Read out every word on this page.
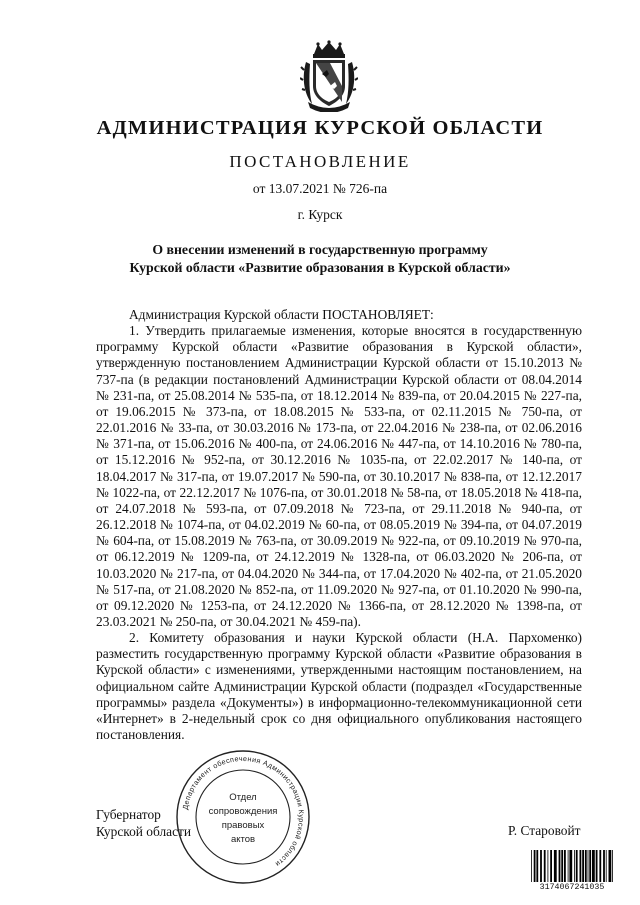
АДМИНИСТРАЦИЯ КУРСКОЙ ОБЛАСТИ
ПОСТАНОВЛЕНИЕ
от 13.07.2021 № 726-па
г. Курск
О внесении изменений в государственную программу
Курской области «Развитие образования в Курской области»
Администрация Курской области ПОСТАНОВЛЯЕТ:
1. Утвердить прилагаемые изменения, которые вносятся в государственную программу Курской области «Развитие образования в Курской области», утвержденную постановлением Администрации Курской области от 15.10.2013 № 737-па (в редакции постановлений Администрации Курской области от 08.04.2014 № 231-па, от 25.08.2014 № 535-па, от 18.12.2014 № 839-па, от 20.04.2015 № 227-па, от 19.06.2015 № 373-па, от 18.08.2015 № 533-па, от 02.11.2015 № 750-па, от 22.01.2016 № 33-па, от 30.03.2016 № 173-па, от 22.04.2016 № 238-па, от 02.06.2016 № 371-па, от 15.06.2016 № 400-па, от 24.06.2016 № 447-па, от 14.10.2016 № 780-па, от 15.12.2016 № 952-па, от 30.12.2016 № 1035-па, от 22.02.2017 № 140-па, от 18.04.2017 № 317-па, от 19.07.2017 № 590-па, от 30.10.2017 № 838-па, от 12.12.2017 № 1022-па, от 22.12.2017 № 1076-па, от 30.01.2018 № 58-па, от 18.05.2018 № 418-па, от 24.07.2018 № 593-па, от 07.09.2018 № 723-па, от 29.11.2018 № 940-па, от 26.12.2018 № 1074-па, от 04.02.2019 № 60-па, от 08.05.2019 № 394-па, от 04.07.2019 № 604-па, от 15.08.2019 № 763-па, от 30.09.2019 № 922-па, от 09.10.2019 № 970-па, от 06.12.2019 № 1209-па, от 24.12.2019 № 1328-па, от 06.03.2020 № 206-па, от 10.03.2020 № 217-па, от 04.04.2020 № 344-па, от 17.04.2020 № 402-па, от 21.05.2020 № 517-па, от 21.08.2020 № 852-па, от 11.09.2020 № 927-па, от 01.10.2020 № 990-па, от 09.12.2020 № 1253-па, от 24.12.2020 № 1366-па, от 28.12.2020 № 1398-па, от 23.03.2021 № 250-па, от 30.04.2021 № 459-па).
2. Комитету образования и науки Курской области (Н.А. Пархоменко) разместить государственную программу Курской области «Развитие образования в Курской области» с изменениями, утвержденными настоящим постановлением, на официальном сайте Администрации Курской области (подраздел «Государственные программы» раздела «Документы») в информационно-телекоммуникационной сети «Интернет» в 2-недельный срок со дня официального опубликования настоящего постановления.
Губернатор
Курской области	Р. Старовойт
Департамент обеспечения Администрации Курской области
Отдел
сопровождения
правовых
актов
3174067241035
